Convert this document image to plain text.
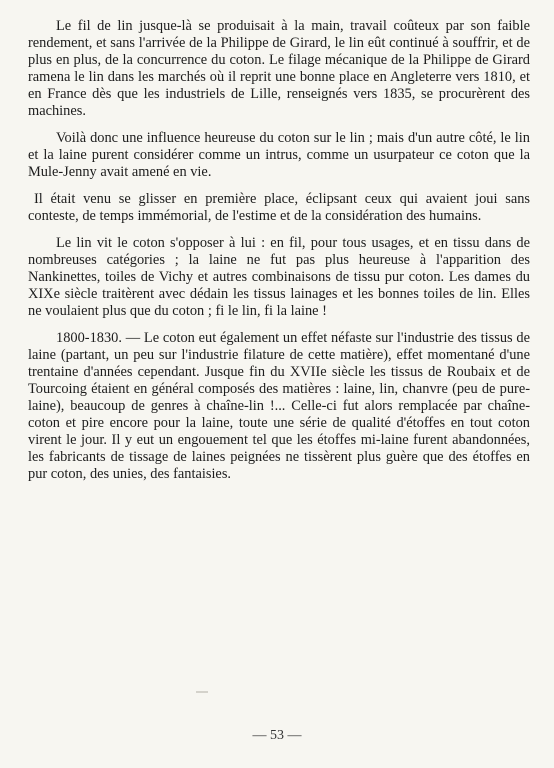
Le fil de lin jusque-là se produisait à la main, travail coûteux par son faible rendement, et sans l'arrivée de la Philippe de Girard, le lin eût continué à souffrir, et de plus en plus, de la concurrence du coton. Le filage mécanique de la Philippe de Girard ramena le lin dans les marchés où il reprit une bonne place en Angleterre vers 1810, et en France dès que les industriels de Lille, renseignés vers 1835, se procurèrent des machines.

Voilà donc une influence heureuse du coton sur le lin ; mais d'un autre côté, le lin et la laine purent considérer comme un intrus, comme un usurpateur ce coton que la Mule-Jenny avait amené en vie.

Il était venu se glisser en première place, éclipsant ceux qui avaient joui sans conteste, de temps immémorial, de l'estime et de la considération des humains.

Le lin vit le coton s'opposer à lui : en fil, pour tous usages, et en tissu dans de nombreuses catégories ; la laine ne fut pas plus heureuse à l'apparition des Nankinettes, toiles de Vichy et autres combinaisons de tissu pur coton. Les dames du XIXe siècle traitèrent avec dédain les tissus lainages et les bonnes toiles de lin. Elles ne voulaient plus que du coton ; fi le lin, fi la laine !

1800-1830. — Le coton eut également un effet néfaste sur l'industrie des tissus de laine (partant, un peu sur l'industrie filature de cette matière), effet momentané d'une trentaine d'années cependant. Jusque fin du XVIIe siècle les tissus de Roubaix et de Tourcoing étaient en général composés des matières : laine, lin, chanvre (peu de pure-laine), beaucoup de genres à chaîne-lin !... Celle-ci fut alors remplacée par chaîne-coton et pire encore pour la laine, toute une série de qualité d'étoffes en tout coton virent le jour. Il y eut un engouement tel que les étoffes mi-laine furent abandonnées, les fabricants de tissage de laines peignées ne tissèrent plus guère que des étoffes en pur coton, des unies, des fantaisies.

— 53 —
